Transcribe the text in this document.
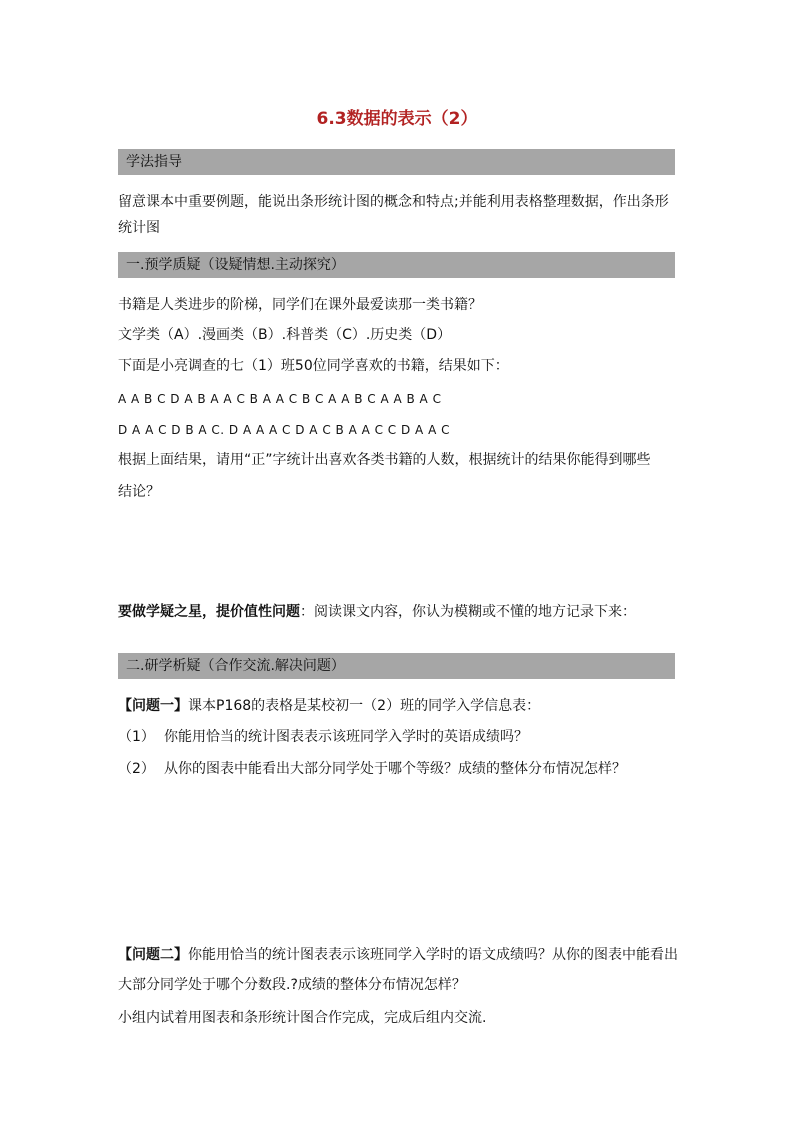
6.3数据的表示（2）
学法指导
留意课本中重要例题，能说出条形统计图的概念和特点;并能利用表格整理数据，作出条形
统计图
一.预学质疑（设疑情想.主动探究）
书籍是人类进步的阶梯，同学们在课外最爱读那一类书籍？
文学类（A）.漫画类（B）.科普类（C）.历史类（D）
下面是小亮调查的七（1）班50位同学喜欢的书籍，结果如下：
A A B C D A B A A C B A A C B C A A B C A A B A C
D A A C D B A C. D A A A C D A C B A A C C D A A C
根据上面结果，请用“正”字统计出喜欢各类书籍的人数，根据统计的结果你能得到哪些
结论？
要做学疑之星，提价值性问题：阅读课文内容，你认为模糊或不懂的地方记录下来：
二.研学析疑（合作交流.解决问题）
【问题一】课本P168的表格是某校初一（2）班的同学入学信息表：
（1） 你能用恰当的统计图表表示该班同学入学时的英语成绩吗？
（2） 从你的图表中能看出大部分同学处于哪个等级？成绩的整体分布情况怎样？
【问题二】你能用恰当的统计图表表示该班同学入学时的语文成绩吗？从你的图表中能看出
大部分同学处于哪个分数段.?成绩的整体分布情况怎样？
小组内试着用图表和条形统计图合作完成，完成后组内交流.
